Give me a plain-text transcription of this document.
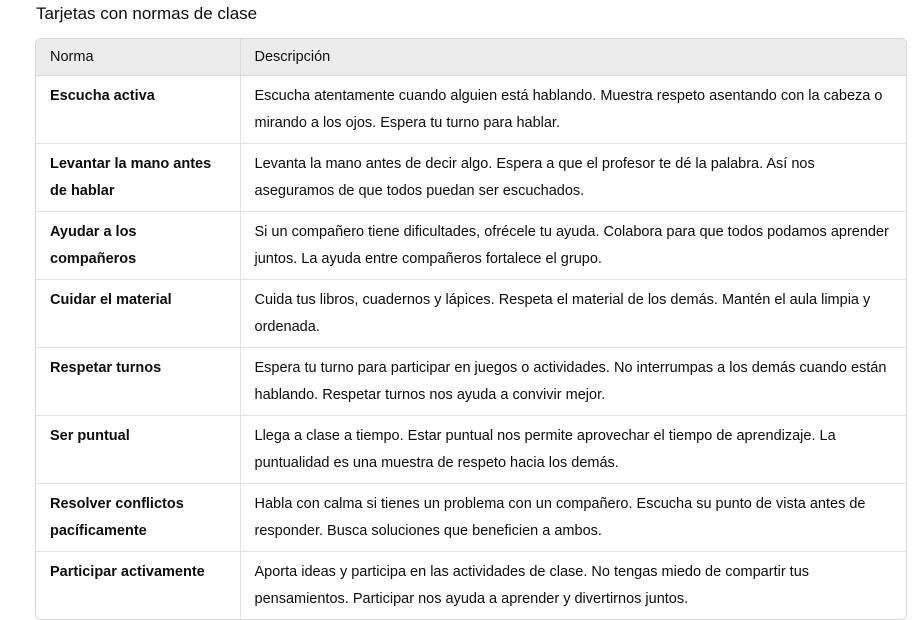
Tarjetas con normas de clase
Norma	Descripción
Escucha activa	Escucha atentamente cuando alguien está hablando. Muestra respeto asentando con la cabeza o mirando a los ojos. Espera tu turno para hablar.
Levantar la mano antes de hablar	Levanta la mano antes de decir algo. Espera a que el profesor te dé la palabra. Así nos aseguramos de que todos puedan ser escuchados.
Ayudar a los compañeros	Si un compañero tiene dificultades, ofrécele tu ayuda. Colabora para que todos podamos aprender juntos. La ayuda entre compañeros fortalece el grupo.
Cuidar el material	Cuida tus libros, cuadernos y lápices. Respeta el material de los demás. Mantén el aula limpia y ordenada.
Respetar turnos	Espera tu turno para participar en juegos o actividades. No interrumpas a los demás cuando están hablando. Respetar turnos nos ayuda a convivir mejor.
Ser puntual	Llega a clase a tiempo. Estar puntual nos permite aprovechar el tiempo de aprendizaje. La puntualidad es una muestra de respeto hacia los demás.
Resolver conflictos pacíficamente	Habla con calma si tienes un problema con un compañero. Escucha su punto de vista antes de responder. Busca soluciones que beneficien a ambos.
Participar activamente	Aporta ideas y participa en las actividades de clase. No tengas miedo de compartir tus pensamientos. Participar nos ayuda a aprender y divertirnos juntos.
